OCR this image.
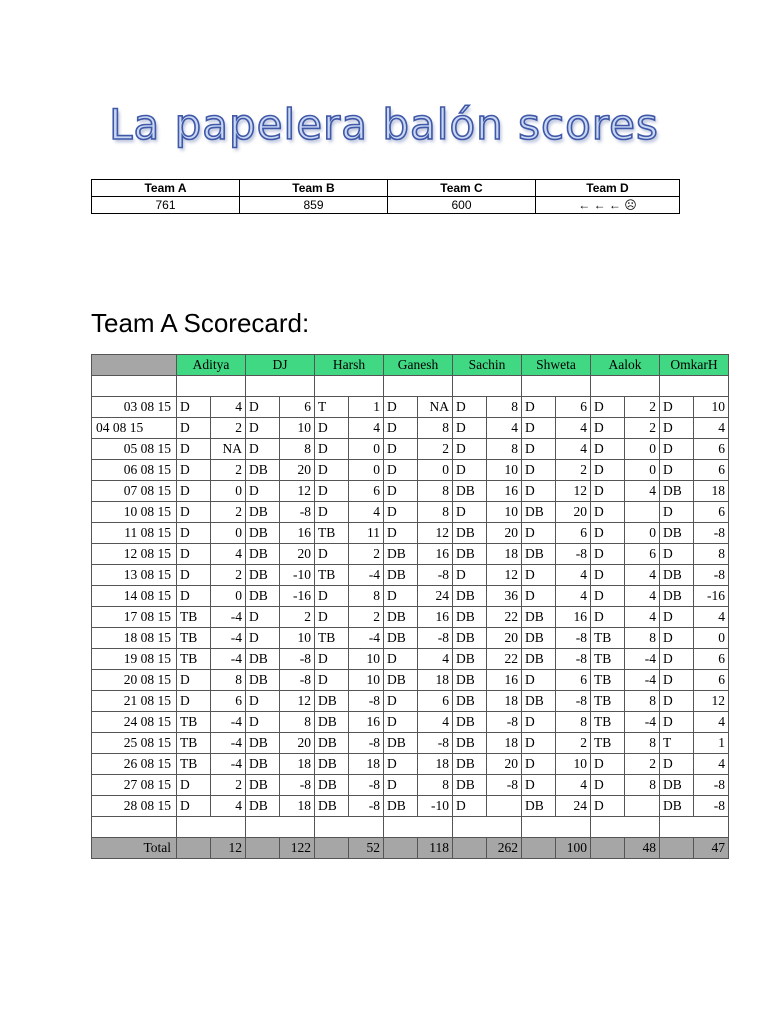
La papelera balón scores
Team A	Team B	Team C	Team D
761	859	600	← ← ← ☹
Team A Scorecard:
	Aditya		DJ		Harsh		Ganesh		Sachin		Shweta		Aalok		OmkarH	

03 08 15	D	4	D	6	T	1	D	NA	D	8	D	6	D	2	D	10
04 08 15	D	2	D	10	D	4	D	8	D	4	D	4	D	2	D	4
05 08 15	D	NA	D	8	D	0	D	2	D	8	D	4	D	0	D	6
06 08 15	D	2	DB	20	D	0	D	0	D	10	D	2	D	0	D	6
07 08 15	D	0	D	12	D	6	D	8	DB	16	D	12	D	4	DB	18
10 08 15	D	2	DB	-8	D	4	D	8	D	10	DB	20	D		D	6
11 08 15	D	0	DB	16	TB	11	D	12	DB	20	D	6	D	0	DB	-8
12 08 15	D	4	DB	20	D	2	DB	16	DB	18	DB	-8	D	6	D	8
13 08 15	D	2	DB	-10	TB	-4	DB	-8	D	12	D	4	D	4	DB	-8
14 08 15	D	0	DB	-16	D	8	D	24	DB	36	D	4	D	4	DB	-16
17 08 15	TB	-4	D	2	D	2	DB	16	DB	22	DB	16	D	4	D	4
18 08 15	TB	-4	D	10	TB	-4	DB	-8	DB	20	DB	-8	TB	8	D	0
19 08 15	TB	-4	DB	-8	D	10	D	4	DB	22	DB	-8	TB	-4	D	6
20 08 15	D	8	DB	-8	D	10	DB	18	DB	16	D	6	TB	-4	D	6
21 08 15	D	6	D	12	DB	-8	D	6	DB	18	DB	-8	TB	8	D	12
24 08 15	TB	-4	D	8	DB	16	D	4	DB	-8	D	8	TB	-4	D	4
25 08 15	TB	-4	DB	20	DB	-8	DB	-8	DB	18	D	2	TB	8	T	1
26 08 15	TB	-4	DB	18	DB	18	D	18	DB	20	D	10	D	2	D	4
27 08 15	D	2	DB	-8	DB	-8	D	8	DB	-8	D	4	D	8	DB	-8
28 08 15	D	4	DB	18	DB	-8	DB	-10	D		DB	24	D		DB	-8

Total		12		122		52		118		262		100		48		47
